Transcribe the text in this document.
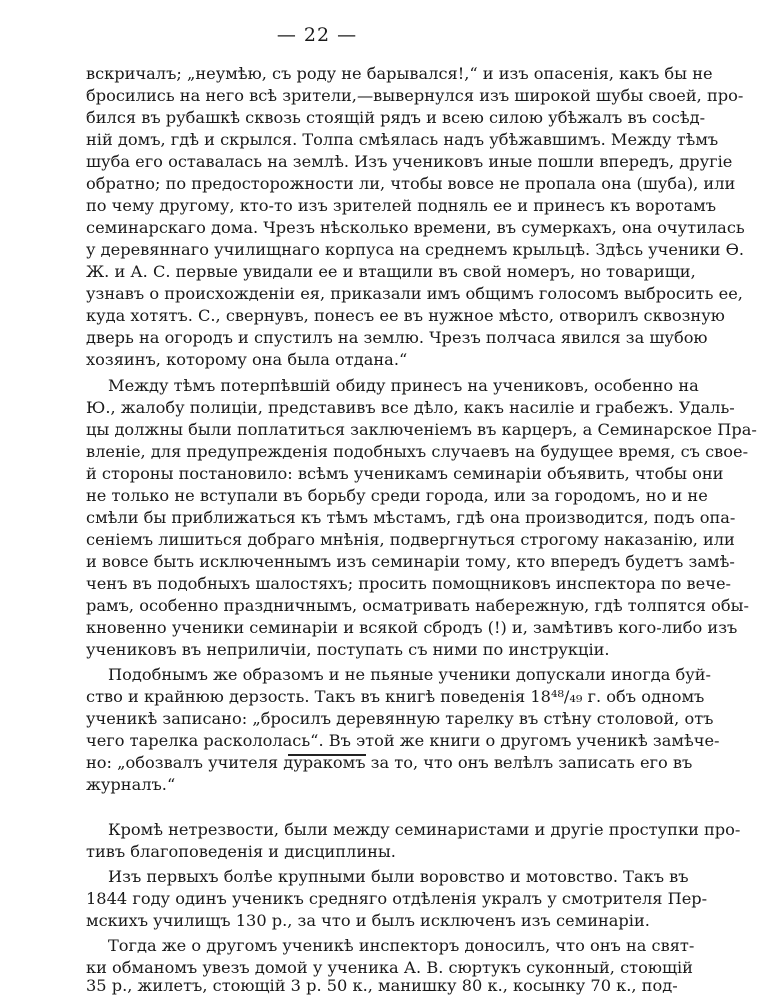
— 22 —
вскричалъ; „неумѣю, съ роду не барывался!,“ и изъ опасенія, какъ бы не
бросились на него всѣ зрители,—вывернулся изъ широкой шубы своей, про-
бился въ рубашкѣ сквозь стоящій рядъ и всею силою убѣжалъ въ сосѣд-
ній домъ, гдѣ и скрылся. Толпа смѣялась надъ убѣжавшимъ. Между тѣмъ
шуба его оставалась на землѣ. Изъ учениковъ иные пошли впередъ, другіе
обратно; по предосторожности ли, чтобы вовсе не пропала она (шуба), или
по чему другому, кто-то изъ зрителей подняль ее и принесъ къ воротамъ
семинарскаго дома. Чрезъ нѣсколько времени, въ сумеркахъ, она очутилась
у деревяннаго училищнаго корпуса на среднемъ крыльцѣ. Здѣсь ученики Ѳ.
Ж. и А. С. первые увидали ее и втащили въ свой номеръ, но товарищи,
узнавъ о происхожденіи ея, приказали имъ общимъ голосомъ выбросить ее,
куда хотятъ. С., свернувъ, понесъ ее въ нужное мѣсто, отворилъ сквозную
дверь на огородъ и спустилъ на землю. Чрезъ полчаса явился за шубою
хозяинъ, которому она была отдана.“
Между тѣмъ потерпѣвшій обиду принесъ на учениковъ, особенно на
Ю., жалобу полиціи, представивъ все дѣло, какъ насиліе и грабежъ. Удаль-
цы должны были поплатиться заключеніемъ въ карцеръ, а Семинарское Пра-
вленіе, для предупрежденія подобныхъ случаевъ на будущее время, съ свое-
й стороны постановило: всѣмъ ученикамъ семинаріи объявить, чтобы они
не только не вступали въ борьбу среди города, или за городомъ, но и не
смѣли бы приближаться къ тѣмъ мѣстамъ, гдѣ она производится, подъ опа-
сеніемъ лишиться добраго мнѣнія, подвергнуться строгому наказанію, или
и вовсе быть исключеннымъ изъ семинаріи тому, кто впередъ будетъ замѣ-
ченъ въ подобныхъ шалостяхъ; просить помощниковъ инспектора по вече-
рамъ, особенно праздничнымъ, осматривать набережную, гдѣ толпятся обы-
кновенно ученики семинаріи и всякой сбродъ (!) и, замѣтивъ кого-либо изъ
учениковъ въ неприличіи, поступать съ ними по инструкціи.
Подобнымъ же образомъ и не пьяные ученики допускали иногда буй-
ство и крайнюю дерзость. Такъ въ книгѣ поведенія 18⁴⁸/₄₉ г. объ одномъ
ученикѣ записано: „бросилъ деревянную тарелку въ стѣну столовой, отъ
чего тарелка раскололась“. Въ этой же книги о другомъ ученикѣ замѣче-
но: „обозвалъ учителя дуракомъ за то, что онъ велѣлъ записать его въ
журналъ.“
Кромѣ нетрезвости, были между семинаристами и другіе проступки про-
тивъ благоповеденія и дисциплины.
Изъ первыхъ болѣе крупными были воровство и мотовство. Такъ въ
1844 году одинъ ученикъ средняго отдѣленія укралъ у смотрителя Пер-
мскихъ училищъ 130 р., за что и былъ исключенъ изъ семинаріи.
Тогда же о другомъ ученикѣ инспекторъ доносилъ, что онъ на свят-
ки обманомъ увезъ домой у ученика А. В. сюртукъ суконный, стоющій
35 р., жилетъ, стоющій 3 р. 50 к., манишку 80 к., косынку 70 к., под-
